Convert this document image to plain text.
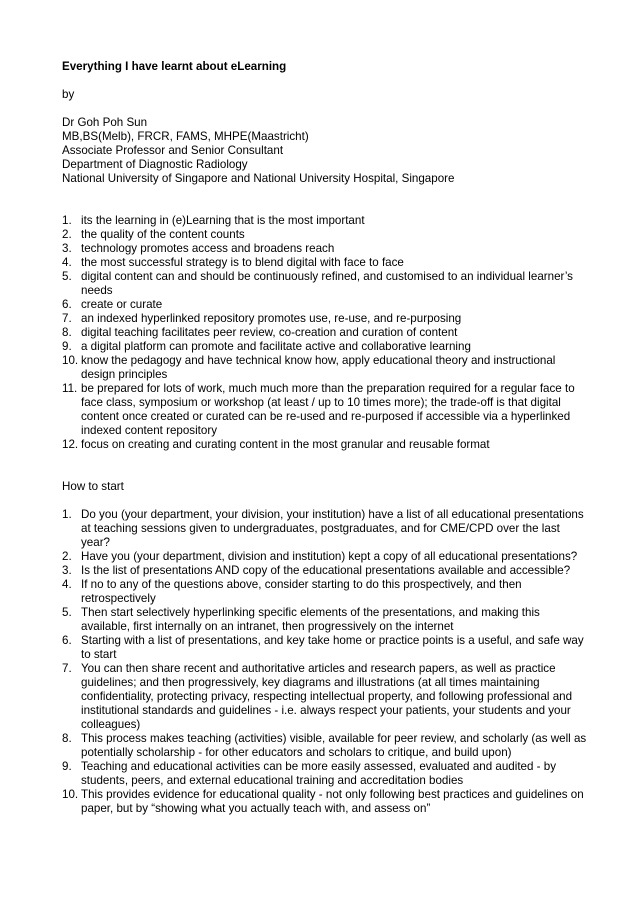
Everything I have learnt about eLearning

by

Dr Goh Poh Sun

MB,BS(Melb), FRCR, FAMS, MHPE(Maastricht)

Associate Professor and Senior Consultant

Department of Diagnostic Radiology

National University of Singapore and National University Hospital, Singapore

1. its the learning in (e)Learning that is the most important
2. the quality of the content counts
3. technology promotes access and broadens reach
4. the most successful strategy is to blend digital with face to face
5. digital content can and should be continuously refined, and customised to an individual learner’s needs
6. create or curate
7. an indexed hyperlinked repository promotes use, re-use, and re-purposing
8. digital teaching facilitates peer review, co-creation and curation of content
9. a digital platform can promote and facilitate active and collaborative learning
10. know the pedagogy and have technical know how, apply educational theory and instructional design principles
11. be prepared for lots of work, much much more than the preparation required for a regular face to face class, symposium or workshop (at least / up to 10 times more); the trade-off is that digital content once created or curated can be re-used and re-purposed if accessible via a hyperlinked indexed content repository
12. focus on creating and curating content in the most granular and reusable format

How to start

1. Do you (your department, your division, your institution) have a list of all educational presentations at teaching sessions given to undergraduates, postgraduates, and for CME/CPD over the last year?
2. Have you (your department, division and institution) kept a copy of all educational presentations?
3. Is the list of presentations AND copy of the educational presentations available and accessible?
4. If no to any of the questions above, consider starting to do this prospectively, and then retrospectively
5. Then start selectively hyperlinking specific elements of the presentations, and making this available, first internally on an intranet, then progressively on the internet
6. Starting with a list of presentations, and key take home or practice points is a useful, and safe way to start
7. You can then share recent and authoritative articles and research papers, as well as practice guidelines; and then progressively, key diagrams and illustrations (at all times maintaining confidentiality, protecting privacy, respecting intellectual property, and following professional and institutional standards and guidelines - i.e. always respect your patients, your students and your colleagues)
8. This process makes teaching (activities) visible, available for peer review, and scholarly (as well as potentially scholarship - for other educators and scholars to critique, and build upon)
9. Teaching and educational activities can be more easily assessed, evaluated and audited - by students, peers, and external educational training and accreditation bodies
10. This provides evidence for educational quality - not only following best practices and guidelines on paper, but by “showing what you actually teach with, and assess on”
